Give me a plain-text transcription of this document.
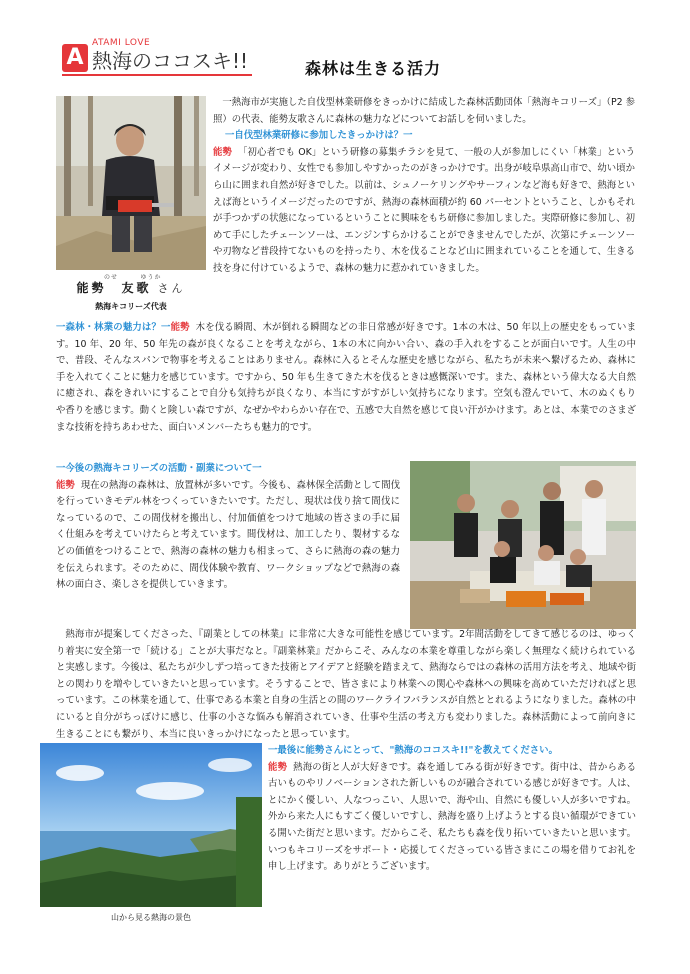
A
ATAMI LOVE
熱海のココスキ!!	森林は生きる活力
のせ	ゆうか
能勢　友歌 さん
熱海キコリーズ代表

一熱海市が実施した自伐型林業研修をきっかけに結成した森林活動団体「熱海キコリーズ」（P2 参照）の代表、能勢友歌さんに森林の魅力などについてお話しを伺いました。

一自伐型林業研修に参加したきっかけは？一

能勢 「初心者でも OK」という研修の募集チラシを見て、一般の人が参加しにくい「林業」というイメージが変わり、女性でも参加しやすかったのがきっかけです。出身が岐阜県高山市で、幼い頃から山に囲まれ自然が好きでした。以前は、シュノーケリングやサーフィンなど海も好きで、熱海といえば海というイメージだったのですが、熱海の森林面積が約 60 パーセントということ、しかもそれが手つかずの状態になっているということに興味をもち研修に参加しました。実際研修に参加し、初めて手にしたチェーンソーは、エンジンすらかけることができませんでしたが、次第にチェーンソーや刃物など普段持てないものを持ったり、木を伐ることなど山に囲まれていることを通して、生きる技を身に付けているようで、森林の魅力に惹かれていきました。

一森林・林業の魅力は？一能勢 木を伐る瞬間、木が倒れる瞬間などの非日常感が好きです。1本の木は、50 年以上の歴史をもっています。10 年、20 年、50 年先の森が良くなることを考えながら、1本の木に向かい合い、森の手入れをすることが面白いです。人生の中で、普段、そんなスパンで物事を考えることはありません。森林に入るとそんな歴史を感じながら、私たちが未来へ繋げるため、森林に手を入れてくことに魅力を感じています。ですから、50 年も生きてきた木を伐るときは感慨深いです。また、森林という偉大なる大自然に癒され、森をきれいにすることで自分も気持ちが良くなり、本当にすがすがしい気持ちになります。空気も澄んでいて、木のぬくもりや香りを感じます。動くと険しい森ですが、なぜかやわらかい存在で、五感で大自然を感じて良い汗がかけます。あとは、本業でのさまざまな技術を持ちあわせた、面白いメンバーたちも魅力的です。

一今後の熱海キコリーズの活動・副業について一

能勢 現在の熱海の森林は、放置林が多いです。今後も、森林保全活動として間伐を行っていきモデル林をつくっていきたいです。ただし、現状は伐り捨て間伐になっているので、この間伐材を搬出し、付加価値をつけて地域の皆さまの手に届く仕組みを考えていけたらと考えています。間伐材は、加工したり、製材するなどの価値をつけることで、熱海の森林の魅力も相まって、さらに熱海の森の魅力を伝えられます。そのために、間伐体験や教育、ワークショップなどで熱海の森林の面白さ、楽しさを提供していきます。

熱海市が提案してくださった、『副業としての林業』に非常に大きな可能性を感じています。2年間活動をしてきて感じるのは、ゆっくり着実に安全第一で「続ける」ことが大事だなと。『副業林業』だからこそ、みんなの本業を尊重しながら楽しく無理なく続けられていると実感します。今後は、私たちが少しずつ培ってきた技術とアイデアと経験を踏まえて、熱海ならではの森林の活用方法を考え、地域や街との関わりを増やしていきたいと思っています。そうすることで、皆さまにより林業への関心や森林への興味を高めていただければと思っています。この林業を通して、仕事である本業と自身の生活との間のワークライフバランスが自然ととれるようになりました。森林の中にいると自分がちっぽけに感じ、仕事の小さな悩みも解消されていき、仕事や生活の考え方も変わりました。森林活動によって前向きに生きることにも繋がり、本当に良いきっかけになったと思っています。

山から見る熱海の景色

一最後に能勢さんにとって、"熱海のココスキ!!"を教えてください。

能勢 熱海の街と人が大好きです。森を通してみる街が好きです。街中は、昔からある古いものやリノベーションされた新しいものが融合されている感じが好きです。人は、とにかく優しい、人なつっこい、人思いで、海や山、自然にも優しい人が多いですね。外から来た人にもすごく優しいですし、熱海を盛り上げようとする良い循環ができている開いた街だと思います。だからこそ、私たちも森を伐り拓いていきたいと思います。いつもキコリーズをサポート・応援してくださっている皆さまにこの場を借りてお礼を申し上げます。ありがとうございます。
